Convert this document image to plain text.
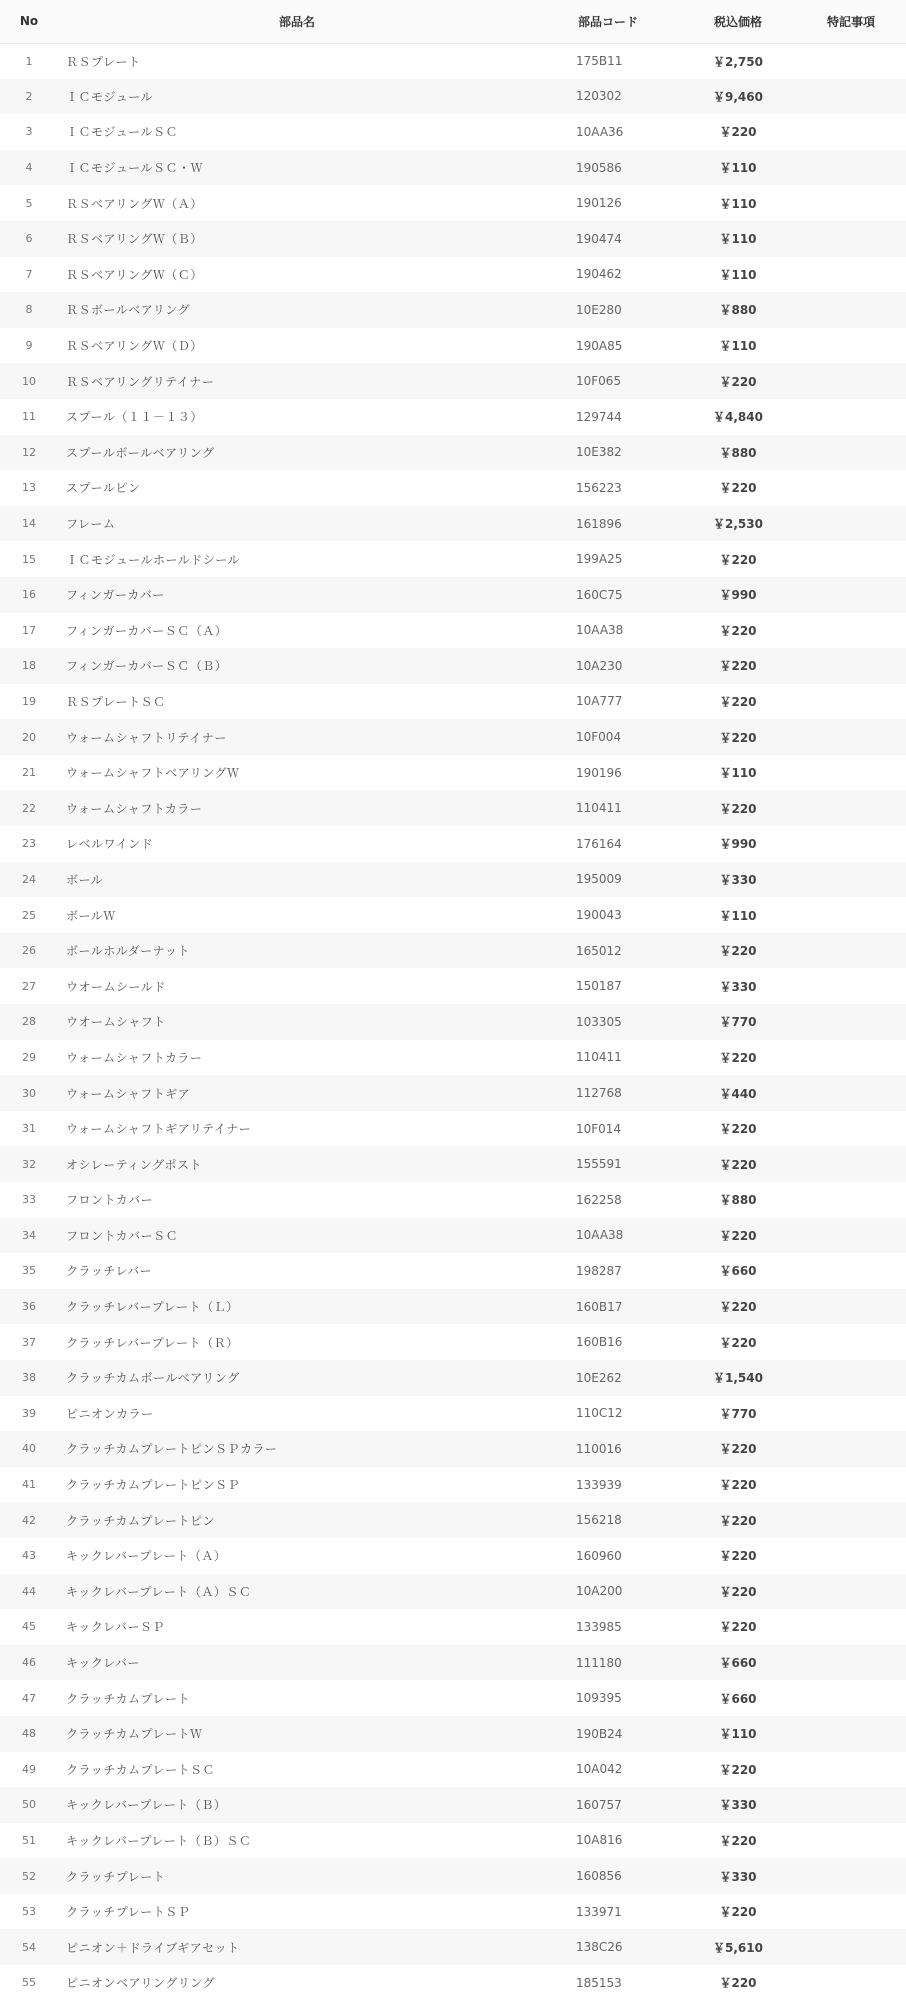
No	部品名	部品コード	税込価格	特記事項
1	ＲＳプレート	175B11	￥2,750	
2	ＩＣモジュール	120302	￥9,460	
3	ＩＣモジュールＳＣ	10AA36	￥220	
4	ＩＣモジュールＳＣ・Ｗ	190586	￥110	
5	ＲＳベアリングＷ（Ａ）	190126	￥110	
6	ＲＳベアリングＷ（Ｂ）	190474	￥110	
7	ＲＳベアリングＷ（Ｃ）	190462	￥110	
8	ＲＳボールベアリング	10E280	￥880	
9	ＲＳベアリングＷ（Ｄ）	190A85	￥110	
10	ＲＳベアリングリテイナー	10F065	￥220	
11	スプール（１１－１３）	129744	￥4,840	
12	スプールボールベアリング	10E382	￥880	
13	スプールピン	156223	￥220	
14	フレーム	161896	￥2,530	
15	ＩＣモジュールホールドシール	199A25	￥220	
16	フィンガーカバー	160C75	￥990	
17	フィンガーカバーＳＣ（Ａ）	10AA38	￥220	
18	フィンガーカバーＳＣ（Ｂ）	10A230	￥220	
19	ＲＳプレートＳＣ	10A777	￥220	
20	ウォームシャフトリテイナー	10F004	￥220	
21	ウォームシャフトベアリングＷ	190196	￥110	
22	ウォームシャフトカラー	110411	￥220	
23	レベルワインド	176164	￥990	
24	ボール	195009	￥330	
25	ボールＷ	190043	￥110	
26	ボールホルダーナット	165012	￥220	
27	ウオームシールド	150187	￥330	
28	ウオームシャフト	103305	￥770	
29	ウォームシャフトカラー	110411	￥220	
30	ウォームシャフトギア	112768	￥440	
31	ウォームシャフトギアリテイナー	10F014	￥220	
32	オシレーティングポスト	155591	￥220	
33	フロントカバー	162258	￥880	
34	フロントカバーＳＣ	10AA38	￥220	
35	クラッチレバー	198287	￥660	
36	クラッチレバープレート（Ｌ）	160B17	￥220	
37	クラッチレバープレート（Ｒ）	160B16	￥220	
38	クラッチカムボールベアリング	10E262	￥1,540	
39	ピニオンカラー	110C12	￥770	
40	クラッチカムプレートピンＳＰカラー	110016	￥220	
41	クラッチカムプレートピンＳＰ	133939	￥220	
42	クラッチカムプレートピン	156218	￥220	
43	キックレバープレート（Ａ）	160960	￥220	
44	キックレバープレート（Ａ）ＳＣ	10A200	￥220	
45	キックレバーＳＰ	133985	￥220	
46	キックレバー	111180	￥660	
47	クラッチカムプレート	109395	￥660	
48	クラッチカムプレートＷ	190B24	￥110	
49	クラッチカムプレートＳＣ	10A042	￥220	
50	キックレバープレート（Ｂ）	160757	￥330	
51	キックレバープレート（Ｂ）ＳＣ	10A816	￥220	
52	クラッチプレート	160856	￥330	
53	クラッチプレートＳＰ	133971	￥220	
54	ピニオン＋ドライブギアセット	138C26	￥5,610	
55	ピニオンベアリングリング	185153	￥220	
